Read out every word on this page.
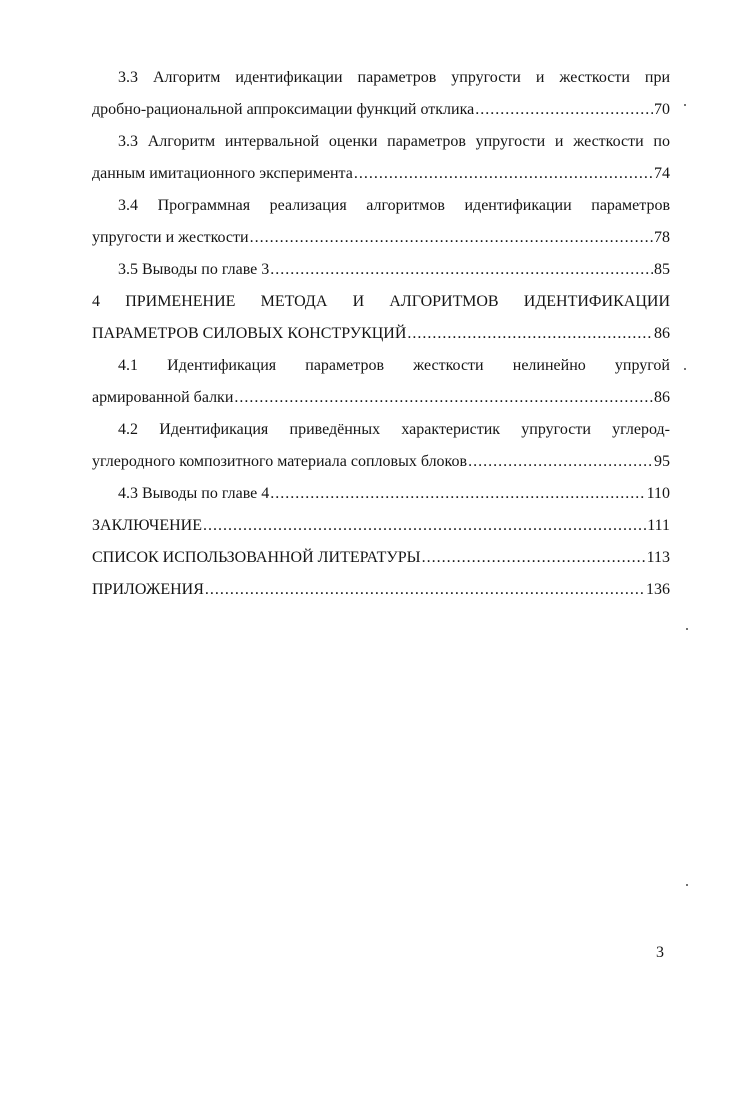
3.3 Алгоритм идентификации параметров упругости и жесткости при
дробно-рациональной аппроксимации функций отклика .....	70
3.3 Алгоритм интервальной оценки параметров упругости и жесткости по
данным имитационного эксперимента .....	74
3.4 Программная реализация алгоритмов идентификации параметров
упругости и жесткости .....	78
3.5 Выводы по главе 3 .....	85
4 ПРИМЕНЕНИЕ МЕТОДА И АЛГОРИТМОВ ИДЕНТИФИКАЦИИ
ПАРАМЕТРОВ СИЛОВЫХ КОНСТРУКЦИЙ .....	86
4.1 Идентификация параметров жесткости нелинейно упругой
армированной балки .....	86
4.2 Идентификация приведённых характеристик упругости углерод-
углеродного композитного материала сопловых блоков .....	95
4.3 Выводы по главе 4 .....	110
ЗАКЛЮЧЕНИЕ .....	111
СПИСОК ИСПОЛЬЗОВАННОЙ ЛИТЕРАТУРЫ .....	113
ПРИЛОЖЕНИЯ .....	136
3
